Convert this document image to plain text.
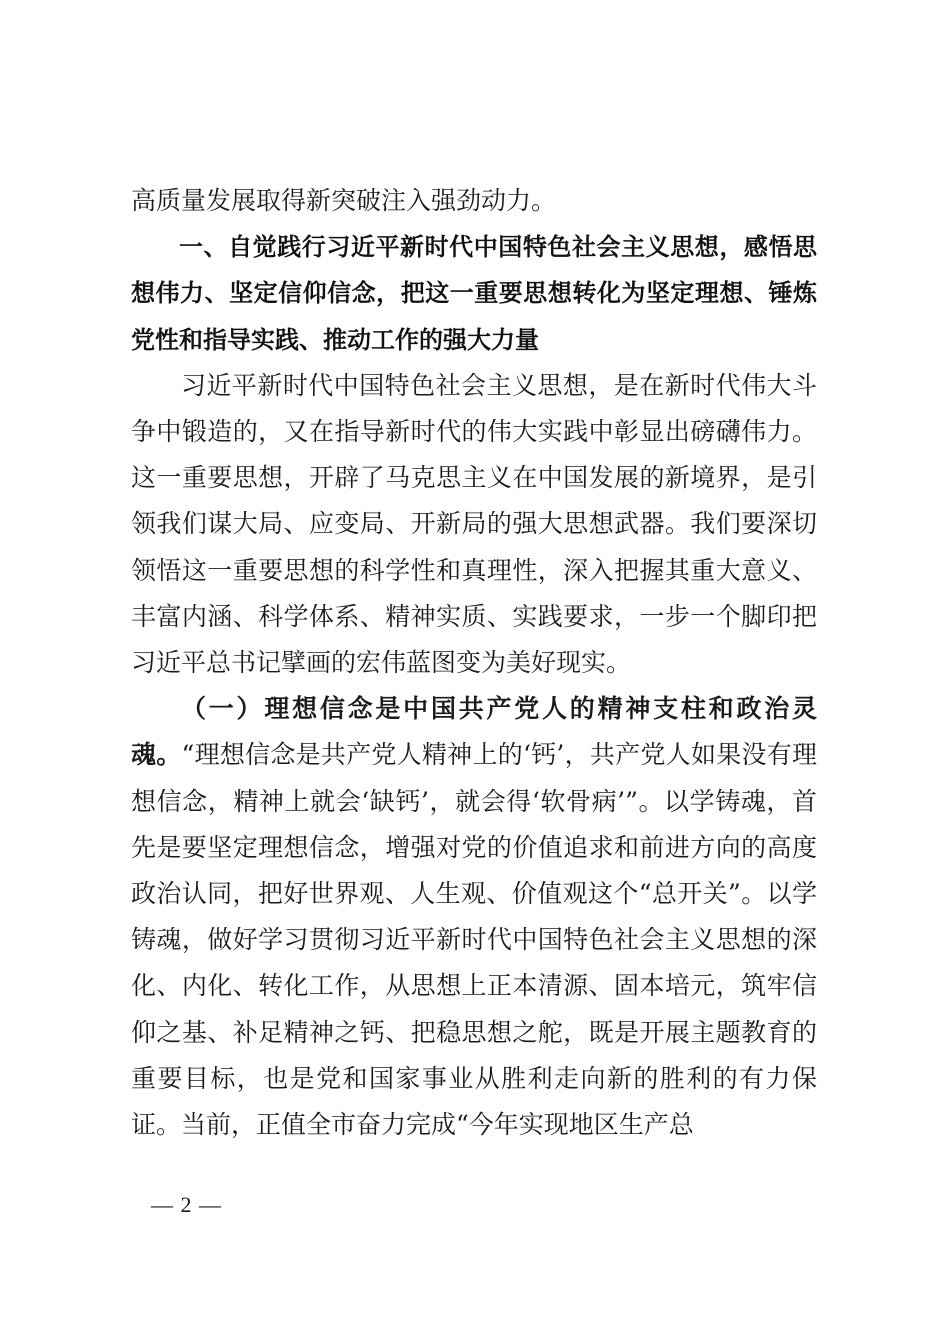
高质量发展取得新突破注入强劲动力。

一、自觉践行习近平新时代中国特色社会主义思想，感悟思想伟力、坚定信仰信念，把这一重要思想转化为坚定理想、锤炼党性和指导实践、推动工作的强大力量

习近平新时代中国特色社会主义思想，是在新时代伟大斗争中锻造的，又在指导新时代的伟大实践中彰显出磅礴伟力。这一重要思想，开辟了马克思主义在中国发展的新境界，是引领我们谋大局、应变局、开新局的强大思想武器。我们要深切领悟这一重要思想的科学性和真理性，深入把握其重大意义、丰富内涵、科学体系、精神实质、实践要求，一步一个脚印把习近平总书记擘画的宏伟蓝图变为美好现实。

（一）理想信念是中国共产党人的精神支柱和政治灵魂。“理想信念是共产党人精神上的‘钙’，共产党人如果没有理想信念，精神上就会‘缺钙’，就会得‘软骨病’”。以学铸魂，首先是要坚定理想信念，增强对党的价值追求和前进方向的高度政治认同，把好世界观、人生观、价值观这个“总开关”。以学铸魂，做好学习贯彻习近平新时代中国特色社会主义思想的深化、内化、转化工作，从思想上正本清源、固本培元，筑牢信仰之基、补足精神之钙、把稳思想之舵，既是开展主题教育的重要目标，也是党和国家事业从胜利走向新的胜利的有力保证。当前，正值全市奋力完成“今年实现地区生产总

— 2 —
